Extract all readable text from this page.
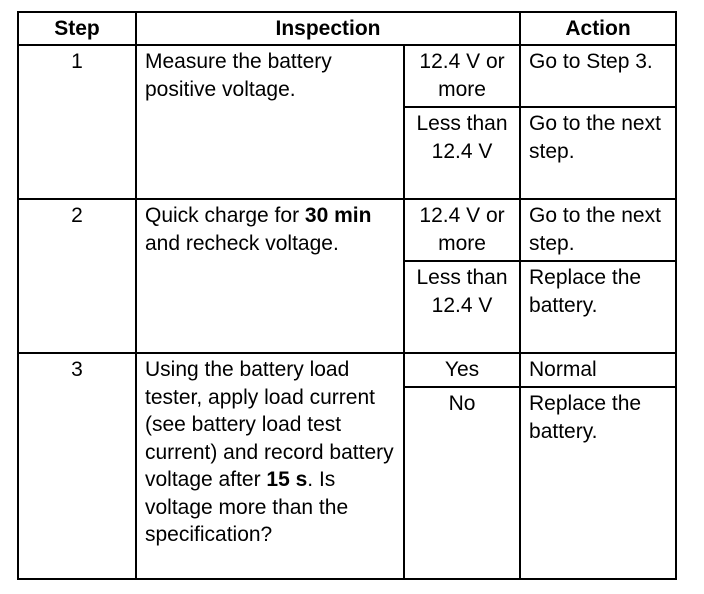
Step	Inspection		Action
1	Measure the battery positive voltage.	12.4 V or more	Go to Step 3.
		Less than 12.4 V	Go to the next step.
2	Quick charge for 30 min and recheck voltage.	12.4 V or more	Go to the next step.
		Less than 12.4 V	Replace the battery.
3	Using the battery load tester, apply load current (see battery load test current) and record battery voltage after 15 s. Is voltage more than the specification?	Yes	Normal
		No	Replace the battery.
